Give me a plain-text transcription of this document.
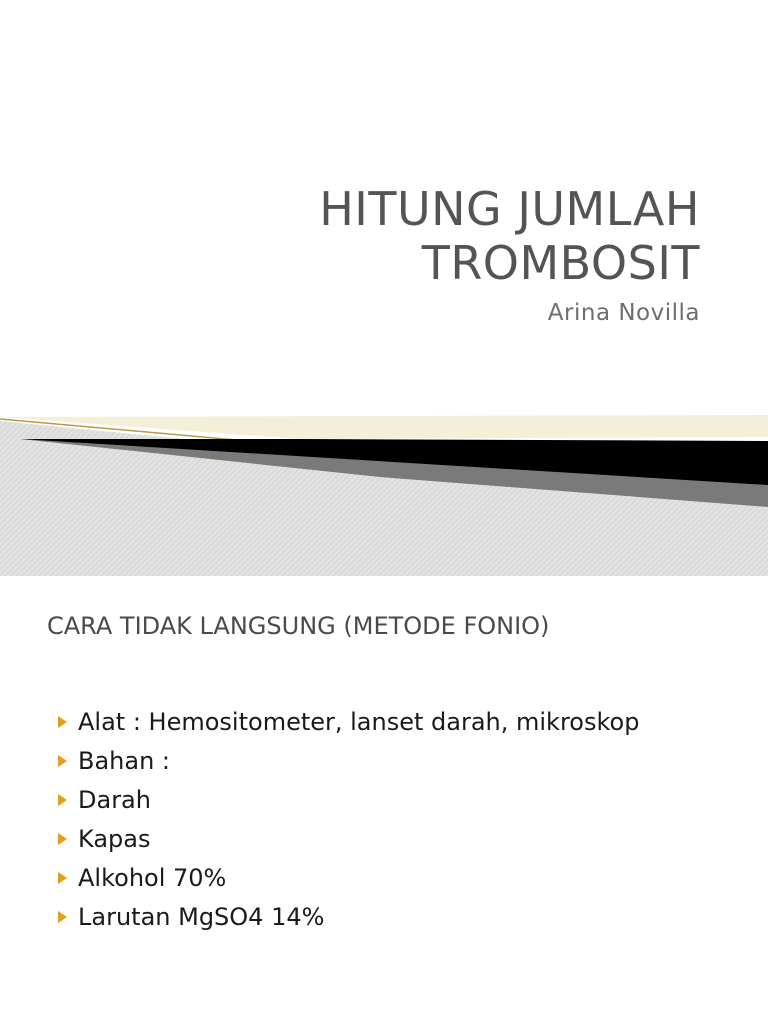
HITUNG JUMLAH
TROMBOSIT
Arina Novilla
CARA TIDAK LANGSUNG (METODE FONIO)
Alat : Hemositometer, lanset darah, mikroskop
Bahan :
Darah
Kapas
Alkohol 70%
Larutan MgSO4 14%
